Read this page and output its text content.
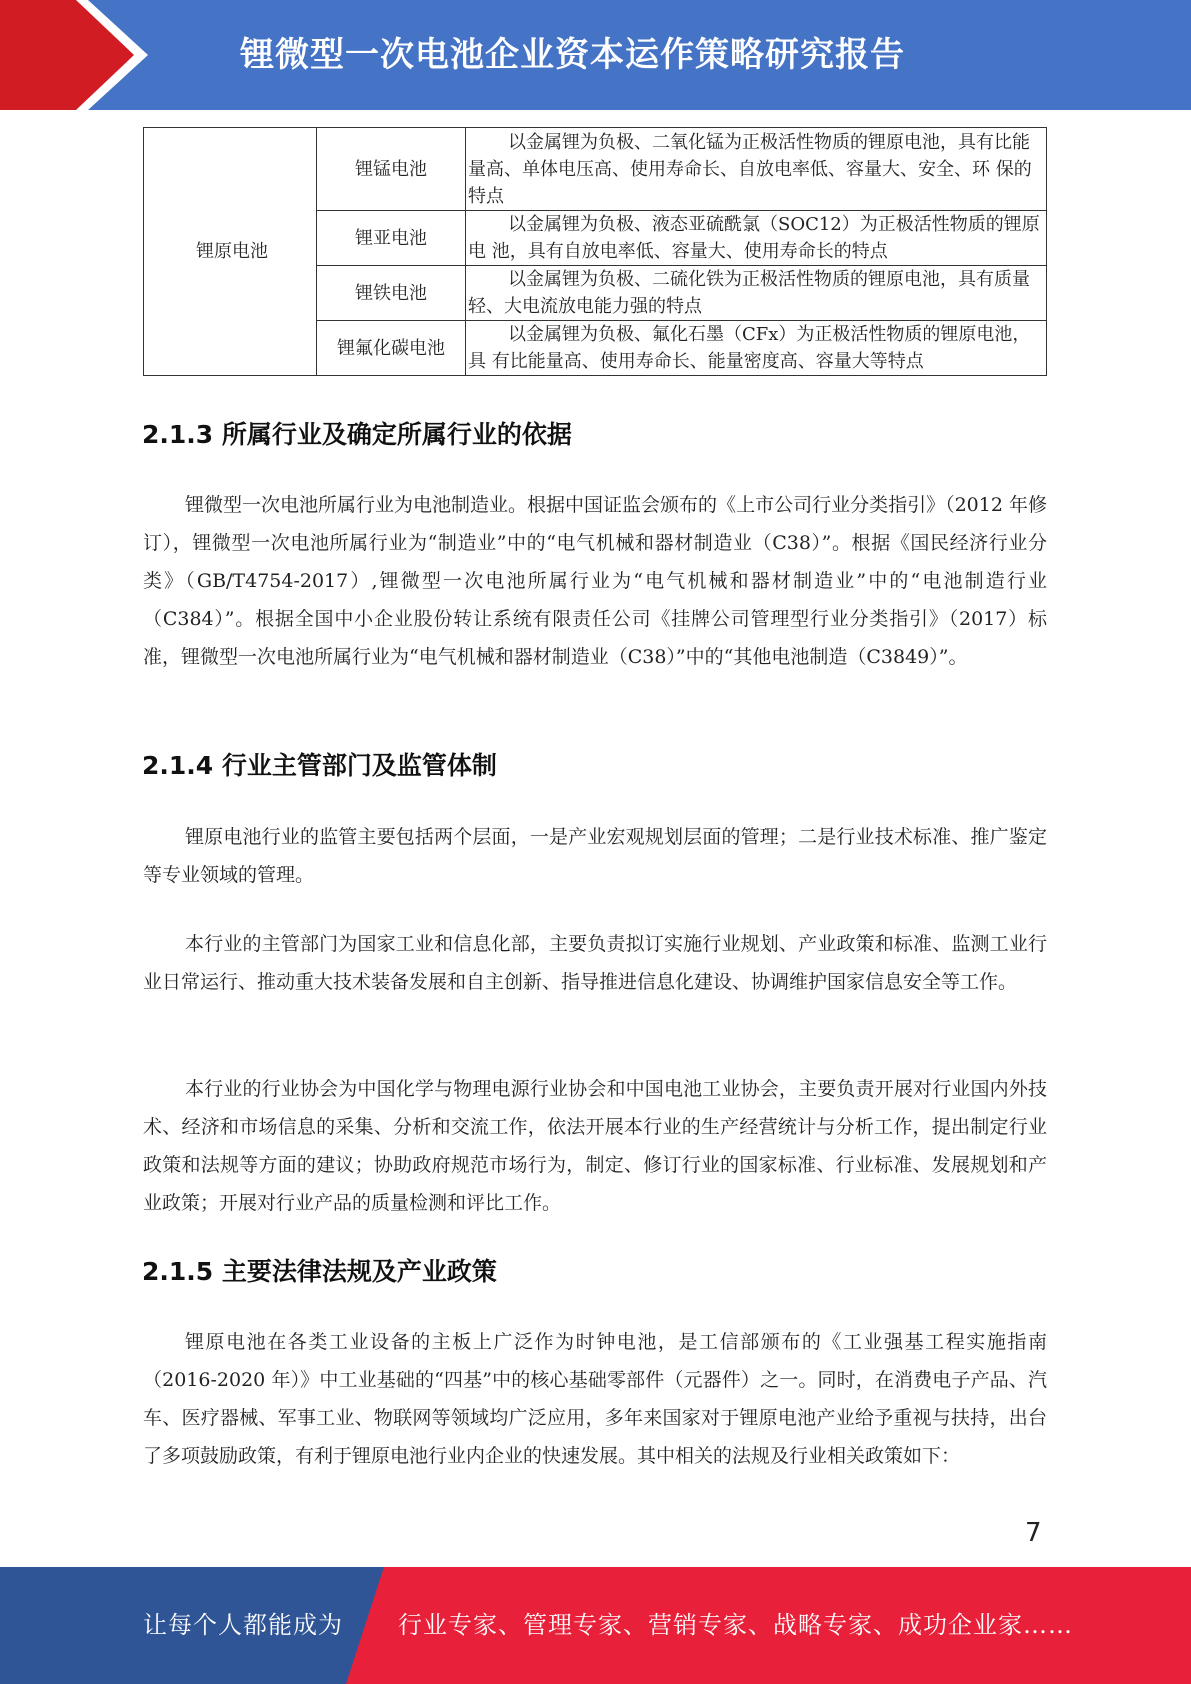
锂微型一次电池企业资本运作策略研究报告
锂原电池	锂锰电池	以金属锂为负极、二氧化锰为正极活性物质的锂原电池，具有比能量高、单体电压高、使用寿命长、自放电率低、容量大、安全、环 保的特点
	锂亚电池	以金属锂为负极、液态亚硫酰氯（SOC12）为正极活性物质的锂原电 池，具有自放电率低、容量大、使用寿命长的特点
	锂铁电池	以金属锂为负极、二硫化铁为正极活性物质的锂原电池，具有质量轻、大电流放电能力强的特点
	锂氟化碳电池	以金属锂为负极、氟化石墨（CFx）为正极活性物质的锂原电池，具 有比能量高、使用寿命长、能量密度高、容量大等特点
2.1.3 所属行业及确定所属行业的依据

锂微型一次电池所属行业为电池制造业。根据中国证监会颁布的《上市公司行业分类指引》（2012 年修订），锂微型一次电池所属行业为“制造业”中的“电气机械和器材制造业（C38）”。根据《国民经济行业分类》（GB/T4754-2017）,锂微型一次电池所属行业为“电气机械和器材制造业”中的“电池制造行业（C384）”。根据全国中小企业股份转让系统有限责任公司《挂牌公司管理型行业分类指引》（2017）标准，锂微型一次电池所属行业为“电气机械和器材制造业（C38）”中的“其他电池制造（C3849）”。

2.1.4 行业主管部门及监管体制

锂原电池行业的监管主要包括两个层面，一是产业宏观规划层面的管理；二是行业技术标准、推广鉴定等专业领域的管理。

本行业的主管部门为国家工业和信息化部，主要负责拟订实施行业规划、产业政策和标准、监测工业行业日常运行、推动重大技术装备发展和自主创新、指导推进信息化建设、协调维护国家信息安全等工作。

本行业的行业协会为中国化学与物理电源行业协会和中国电池工业协会，主要负责开展对行业国内外技术、经济和市场信息的采集、分析和交流工作，依法开展本行业的生产经营统计与分析工作，提出制定行业政策和法规等方面的建议；协助政府规范市场行为，制定、修订行业的国家标准、行业标准、发展规划和产业政策；开展对行业产品的质量检测和评比工作。

2.1.5 主要法律法规及产业政策

锂原电池在各类工业设备的主板上广泛作为时钟电池，是工信部颁布的《工业强基工程实施指南（2016-2020 年）》中工业基础的“四基”中的核心基础零部件（元器件）之一。同时，在消费电子产品、汽车、医疗器械、军事工业、物联网等领域均广泛应用，多年来国家对于锂原电池产业给予重视与扶持，出台了多项鼓励政策，有利于锂原电池行业内企业的快速发展。其中相关的法规及行业相关政策如下：

7
让每个人都能成为 行业专家、管理专家、营销专家、战略专家、成功企业家……
